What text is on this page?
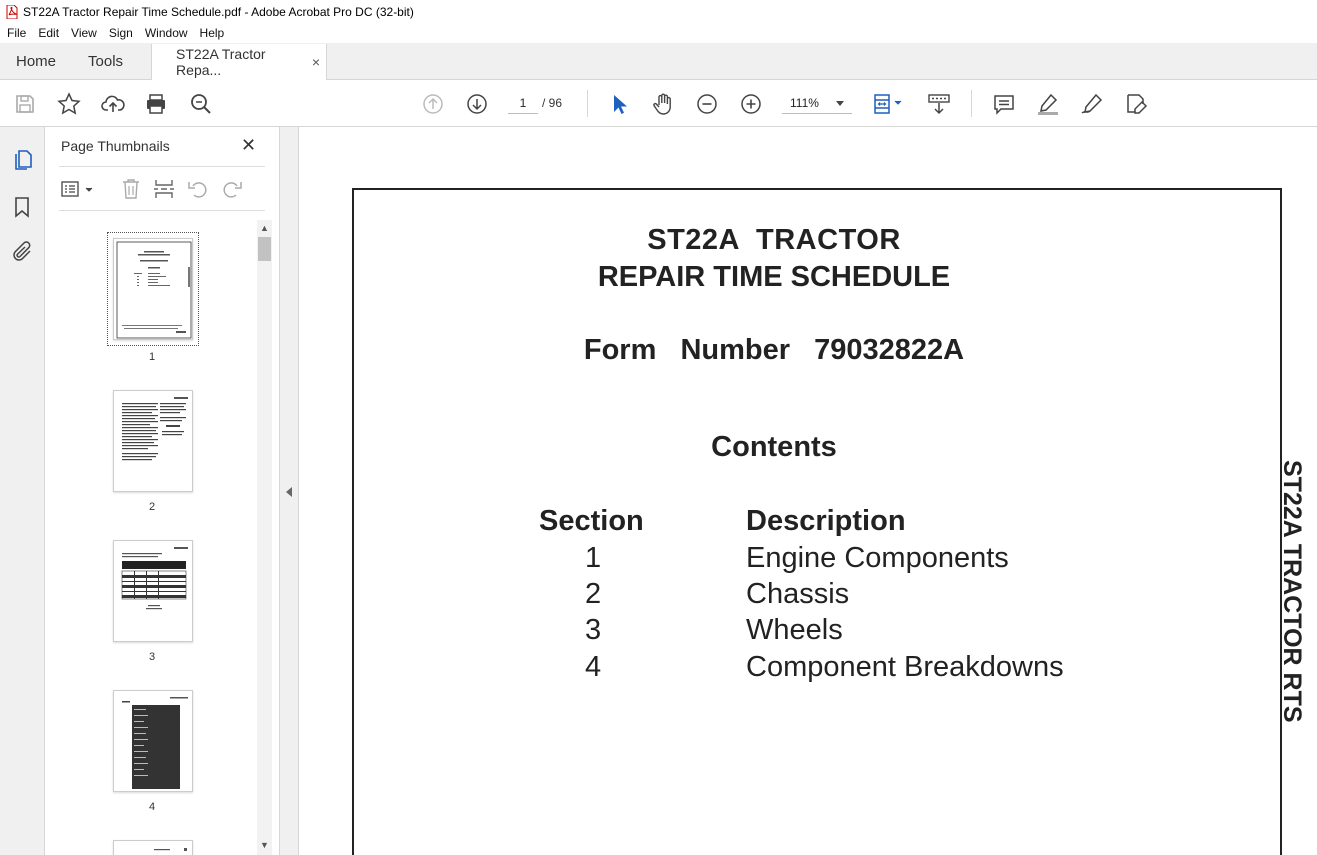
ST22A Tractor Repair Time Schedule.pdf - Adobe Acrobat Pro DC (32-bit)
File	Edit	View	Sign	Window	Help
Home	Tools	ST22A Tractor Repa...	×
1	/ 96	111%
Page Thumbnails	✕
1
2
3
4
▲
▼
ST22A  TRACTOR
REPAIR TIME SCHEDULE
Form  Number  79032822A
Contents
Section	Description
1	Engine Components
2	Chassis
3	Wheels
4	Component Breakdowns	ST22A TRACTOR RTS
